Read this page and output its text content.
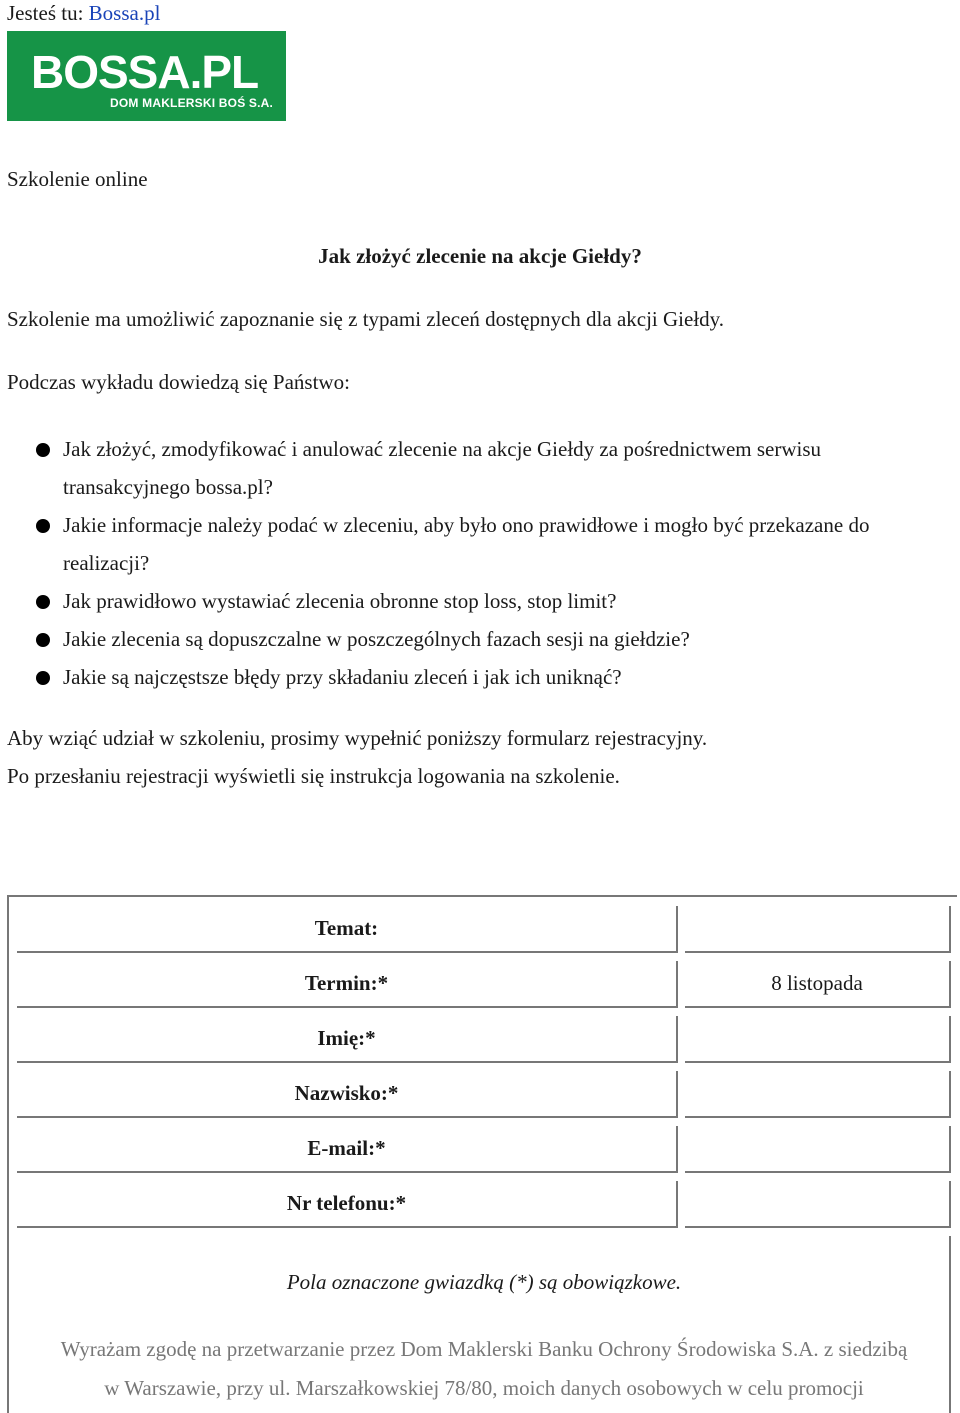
Jesteś tu: Bossa.pl
BOSSA.PL
DOM MAKLERSKI BOŚ S.A.
Szkolenie online
Jak złożyć zlecenie na akcje Giełdy?
Szkolenie ma umożliwić zapoznanie się z typami zleceń dostępnych dla akcji Giełdy.
Podczas wykładu dowiedzą się Państwo:
Jak złożyć, zmodyfikować i anulować zlecenie na akcje Giełdy za pośrednictwem serwisu transakcyjnego bossa.pl?
Jakie informacje należy podać w zleceniu, aby było ono prawidłowe i mogło być przekazane do realizacji?
Jak prawidłowo wystawiać zlecenia obronne stop loss, stop limit?
Jakie zlecenia są dopuszczalne w poszczególnych fazach sesji na giełdzie?
Jakie są najczęstsze błędy przy składaniu zleceń i jak ich uniknąć?
Aby wziąć udział w szkoleniu, prosimy wypełnić poniższy formularz rejestracyjny.
Po przesłaniu rejestracji wyświetli się instrukcja logowania na szkolenie.
Temat:
Termin:*	8 listopada
Imię:*
Nazwisko:*
E-mail:*
Nr telefonu:*
Pola oznaczone gwiazdką (*) są obowiązkowe.
Wyrażam zgodę na przetwarzanie przez Dom Maklerski Banku Ochrony Środowiska S.A. z siedzibą
w Warszawie, przy ul. Marszałkowskiej 78/80, moich danych osobowych w celu promocji
